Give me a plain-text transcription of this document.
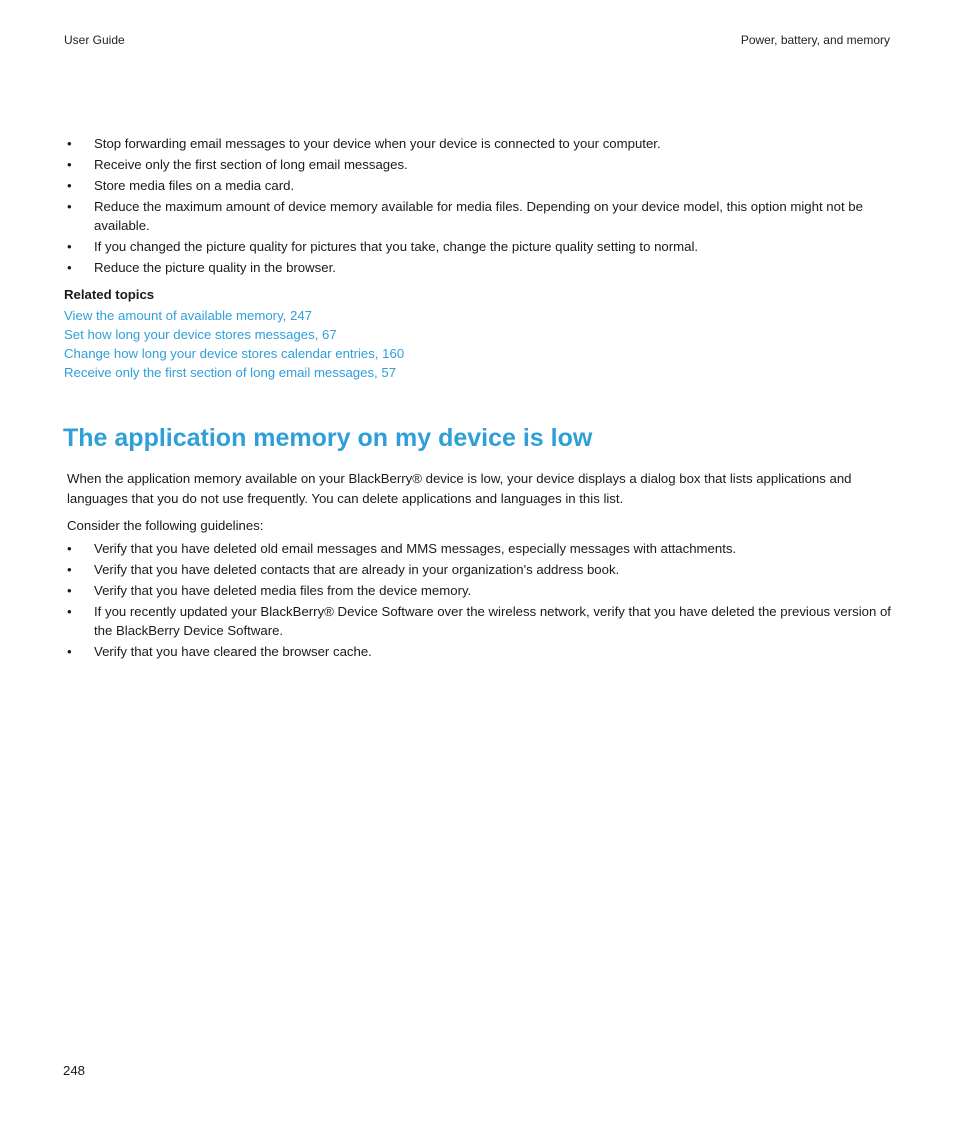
User Guide	Power, battery, and memory
• Stop forwarding email messages to your device when your device is connected to your computer.
• Receive only the first section of long email messages.
• Store media files on a media card.
• Reduce the maximum amount of device memory available for media files. Depending on your device model, this option might not be available.
• If you changed the picture quality for pictures that you take, change the picture quality setting to normal.
• Reduce the picture quality in the browser.
Related topics
View the amount of available memory, 247
Set how long your device stores messages, 67
Change how long your device stores calendar entries, 160
Receive only the first section of long email messages, 57
The application memory on my device is low

When the application memory available on your BlackBerry® device is low, your device displays a dialog box that lists applications and languages that you do not use frequently. You can delete applications and languages in this list.

Consider the following guidelines:

• Verify that you have deleted old email messages and MMS messages, especially messages with attachments.
• Verify that you have deleted contacts that are already in your organization's address book.
• Verify that you have deleted media files from the device memory.
• If you recently updated your BlackBerry® Device Software over the wireless network, verify that you have deleted the previous version of the BlackBerry Device Software.
• Verify that you have cleared the browser cache.
248
